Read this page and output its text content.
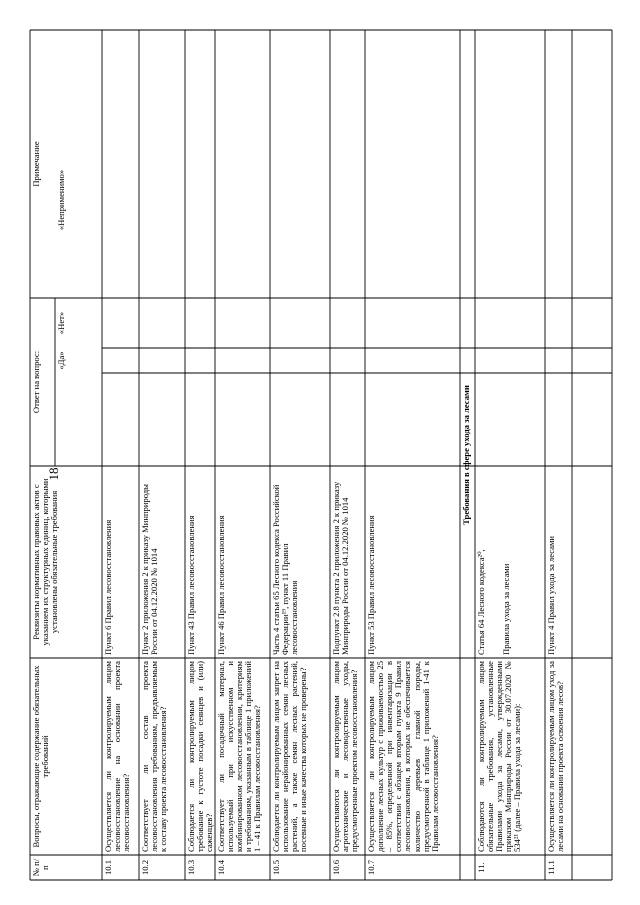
18
№ п/п
Вопросы, отражающие содержание обязательных требований
Реквизиты нормативных правовых актов с указанием их структурных единиц, которыми установлены обязательные требования
Ответ на вопрос:	«Да»
«Нет»
«Неприменимо»
Примечание
10.1
Осуществляется ли контролируемым лицом лесовосстановление на основании проекта лесовосстановления?
Пункт 6 Правил лесовосстановления
10.2
Соответствует ли состав проекта лесовосстановления требованиям, предъявляемым к составу проекта лесовосстановления?
Пункт 2 приложения 2 к приказу Минприроды России от 04.12.2020 № 1014
10.3
Соблюдается ли контролируемым лицом требование к густоте посадки сеянцев и (или) саженцев?
Пункт 43 Правил лесовосстановления
10.4
Соответствует ли посадочный материал, используемый при искусственном и комбинированном лесовосстановлении, критериям и требованиям, указанным в таблице 1 приложений 1 – 41 к Правилам лесовосстановления?
Пункт 46 Правил лесовосстановления
10.5
Соблюдается ли контролируемым лицом запрет на использование нерайонированных семян лесных растений, а также семян лесных растений, посевные и иные качества которых не проверены?
Часть 4 статьи 65 Лесного кодекса Российской Федерации¹⁹, пункт 11 Правил лесовосстановления
10.6
Осуществляются ли контролируемым лицом агротехнические и лесоводственные уходы, предусмотренные проектом лесовосстановления?
Подпункт 2.8 пункта 2 приложения 2 к приказу Минприроды России от 04.12.2020 № 1014
10.7
Осуществляется ли контролируемым лицом дополнение лесных культур с приживаемостью 25 – 85%, определенной при инвентаризации в соответствии с абзацем вторым пункта 9 Правил лесовосстановления, в которых не обеспечивается количество деревьев главной породы, предусмотренной в таблице 1 приложений 1-41 к Правилам лесовосстановления?
Пункт 53 Правил лесовосстановления
Требования в сфере ухода за лесами
11.
Соблюдаются ли контролируемым лицом обязательные требования, установленные Правилами ухода за лесами, утвержденными приказом Минприроды России от 30.07.2020 № 534²¹ (далее – Правила ухода за лесами):
Статья 64 Лесного кодекса²⁰,	Правила ухода за лесами
11.1
Осуществляется ли контролируемым лицом уход за лесами на основании проекта освоения лесов?
Пункт 4 Правил ухода за лесами
